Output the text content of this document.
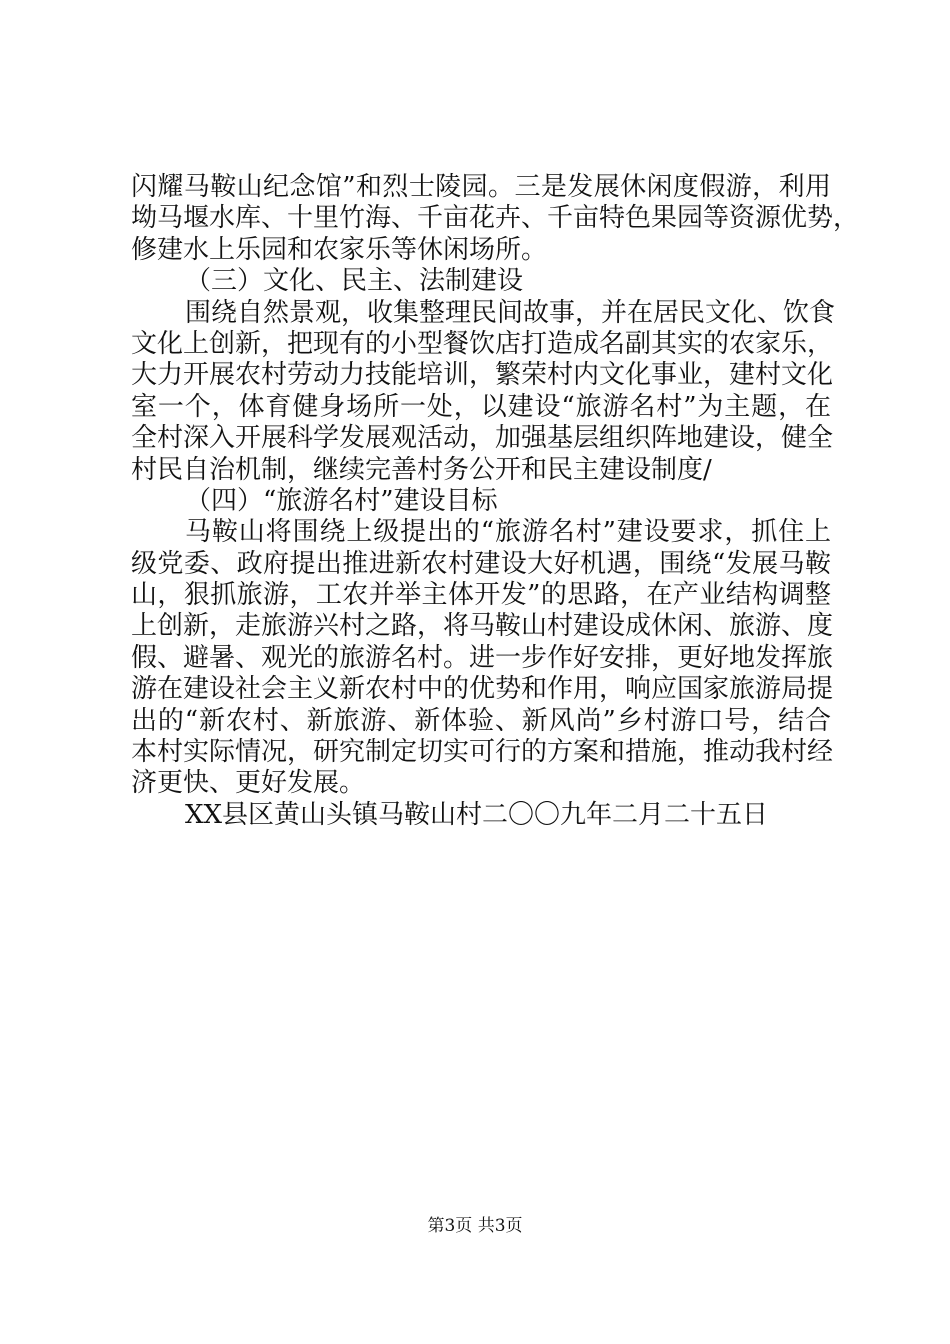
闪耀马鞍山纪念馆”和烈士陵园。三是发展休闲度假游，利用
坳马堰水库、十里竹海、千亩花卉、千亩特色果园等资源优势，
修建水上乐园和农家乐等休闲场所。
（三）文化、民主、法制建设
围绕自然景观，收集整理民间故事，并在居民文化、饮食
文化上创新，把现有的小型餐饮店打造成名副其实的农家乐，
大力开展农村劳动力技能培训，繁荣村内文化事业，建村文化
室一个，体育健身场所一处，以建设“旅游名村”为主题，在
全村深入开展科学发展观活动，加强基层组织阵地建设，健全
村民自治机制，继续完善村务公开和民主建设制度/
（四）“旅游名村”建设目标
马鞍山将围绕上级提出的“旅游名村”建设要求，抓住上
级党委、政府提出推进新农村建设大好机遇，围绕“发展马鞍
山，狠抓旅游，工农并举主体开发”的思路，在产业结构调整
上创新，走旅游兴村之路，将马鞍山村建设成休闲、旅游、度
假、避暑、观光的旅游名村。进一步作好安排，更好地发挥旅
游在建设社会主义新农村中的优势和作用，响应国家旅游局提
出的“新农村、新旅游、新体验、新风尚”乡村游口号，结合
本村实际情况，研究制定切实可行的方案和措施，推动我村经
济更快、更好发展。
XX县区黄山头镇马鞍山村二〇〇九年二月二十五日
第3页 共3页
